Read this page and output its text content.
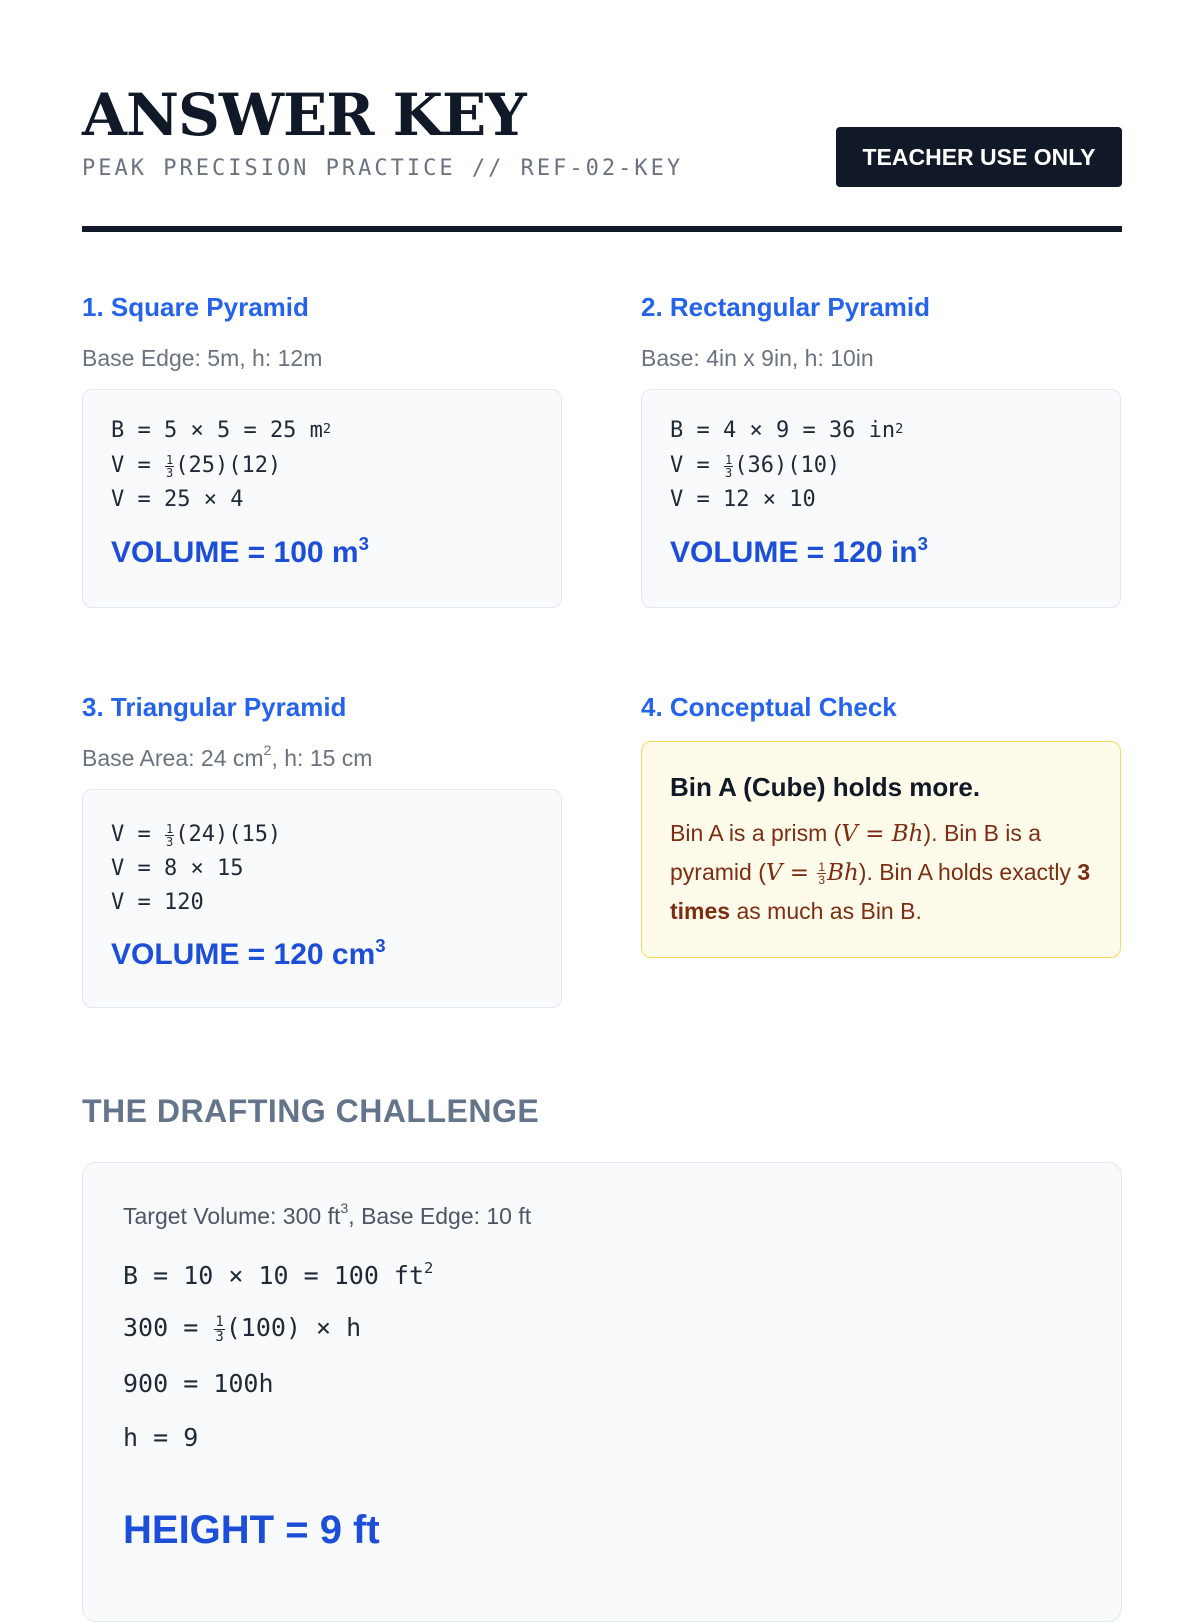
ANSWER KEY
PEAK PRECISION PRACTICE // REF-02-KEY	TEACHER USE ONLY
1. Square Pyramid
Base Edge: 5m, h: 12m
B = 5 × 5 = 25 $m^2$
$V = \frac{1}{3} (25)(12)$
V = 25 × 4
VOLUME = 100 $m^3$
2. Rectangular Pyramid
Base: 4in x 9in, h: 10in
B = 4 × 9 = 36 $in^2$
$V = \frac{1}{3} (36)(10)$
V = 12 × 10
VOLUME = 120 $in^3$
3. Triangular Pyramid
Base Area: 24 $cm^2$, h: 15 cm
$V = \frac{1}{3} (24)(15)$
V = 8 × 15
V = 120
VOLUME = 120 $cm^3$
4. Conceptual Check
Bin A (Cube) holds more.
Bin A is a prism (V = Bh). Bin B is a pyramid $(V = \frac{1}{3} Bh)$. Bin A holds exactly 3 times as much as Bin B.
THE DRAFTING CHALLENGE
Target Volume: 300 $ft^3$, Base Edge: 10 ft
B = 10 × 10 = 100 $ft^2$
$300 = \frac{1}{3} (100) \times h$
900 = 100h
h = 9
HEIGHT = 9 ft
